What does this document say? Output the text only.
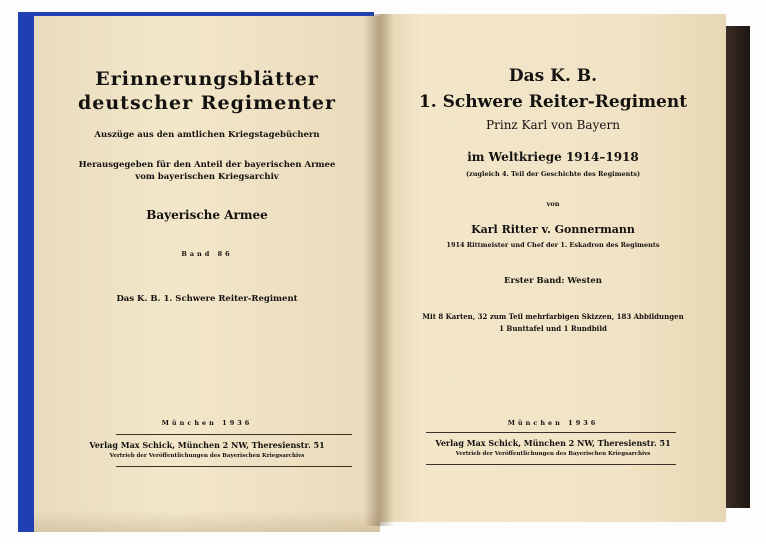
Erinnerungsblätter
deutscher Regimenter
Auszüge aus den amtlichen Kriegstagebüchern
Herausgegeben für den Anteil der bayerischen Armee
vom bayerischen Kriegsarchiv
Bayerische Armee
Band 86
Das K. B. 1. Schwere Reiter-Regiment
München 1936
Verlag Max Schick, München 2 NW, Theresienstr. 51
Vertrieb der Veröffentlichungen des Bayerischen Kriegsarchivs
Das K. B.
1. Schwere Reiter-Regiment
Prinz Karl von Bayern
im Weltkriege 1914–1918
(zugleich 4. Teil der Geschichte des Regiments)
von
Karl Ritter v. Gonnermann
1914 Rittmeister und Chef der 1. Eskadron des Regiments
Erster Band: Westen
Mit 8 Karten, 32 zum Teil mehrfarbigen Skizzen, 183 Abbildungen
1 Bunttafel und 1 Rundbild
München 1936
Verlag Max Schick, München 2 NW, Theresienstr. 51
Vertrieb der Veröffentlichungen des Bayerischen Kriegsarchivs
